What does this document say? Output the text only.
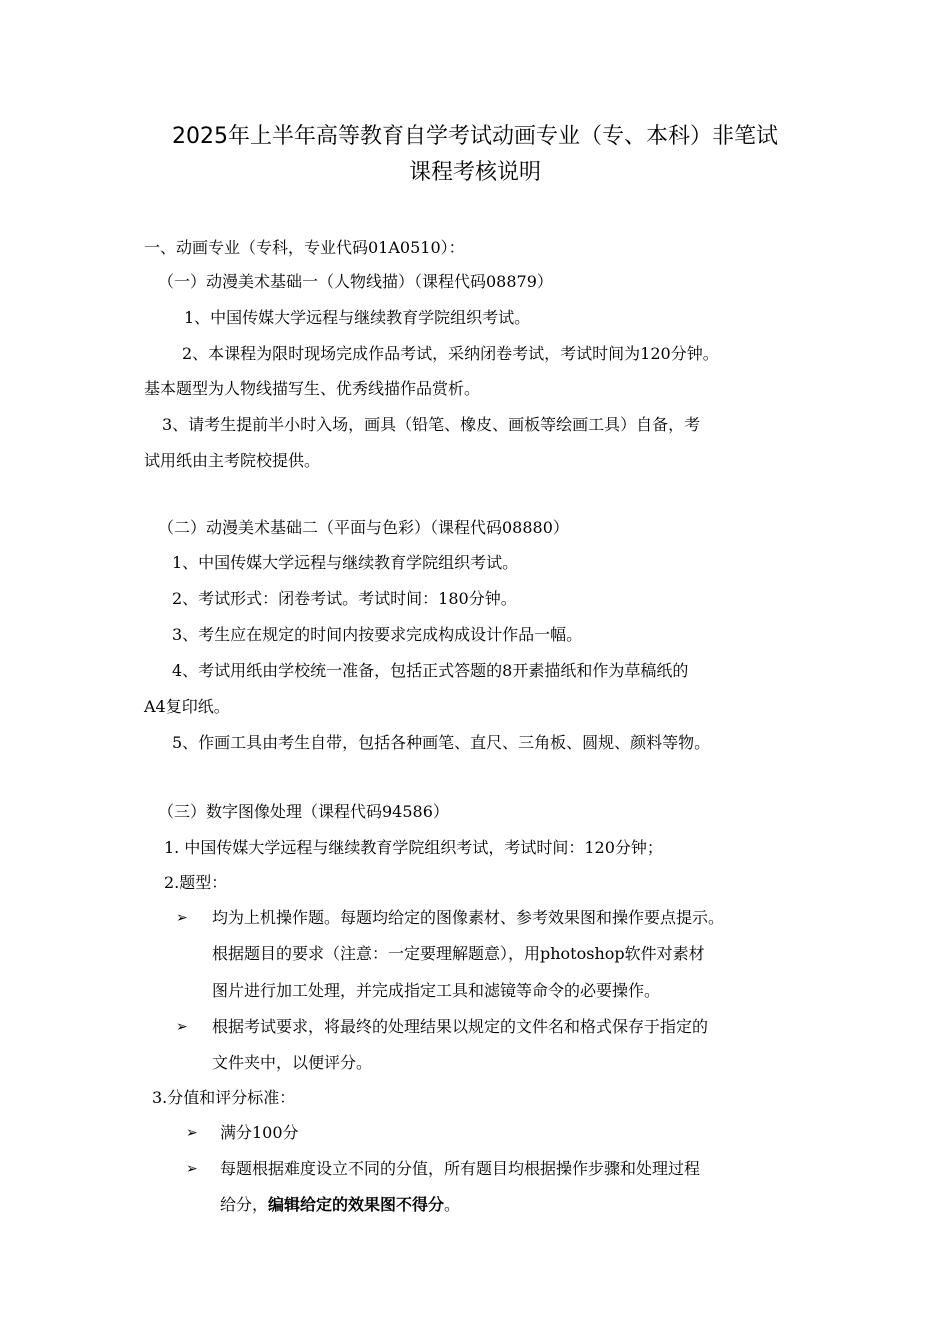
2025年上半年高等教育自学考试动画专业（专、本科）非笔试
课程考核说明
一、动画专业（专科，专业代码01A0510）：
（一）动漫美术基础一（人物线描）（课程代码08879）
1、中国传媒大学远程与继续教育学院组织考试。
2、本课程为限时现场完成作品考试，采纳闭卷考试，考试时间为120分钟。
基本题型为人物线描写生、优秀线描作品赏析。
3、请考生提前半小时入场，画具（铅笔、橡皮、画板等绘画工具）自备，考
试用纸由主考院校提供。
（二）动漫美术基础二（平面与色彩）（课程代码08880）
1、中国传媒大学远程与继续教育学院组织考试。
2、考试形式：闭卷考试。考试时间：180分钟。
3、考生应在规定的时间内按要求完成构成设计作品一幅。
4、考试用纸由学校统一准备，包括正式答题的8开素描纸和作为草稿纸的
A4复印纸。
5、作画工具由考生自带，包括各种画笔、直尺、三角板、圆规、颜料等物。
（三）数字图像处理（课程代码94586）
1. 中国传媒大学远程与继续教育学院组织考试，考试时间：120分钟；
2.题型：
➢ 均为上机操作题。每题均给定的图像素材、参考效果图和操作要点提示。
根据题目的要求（注意：一定要理解题意），用photoshop软件对素材
图片进行加工处理，并完成指定工具和滤镜等命令的必要操作。
➢ 根据考试要求，将最终的处理结果以规定的文件名和格式保存于指定的
文件夹中，以便评分。
3.分值和评分标准：
➢ 满分100分
➢ 每题根据难度设立不同的分值，所有题目均根据操作步骤和处理过程
给分，编辑给定的效果图不得分。
